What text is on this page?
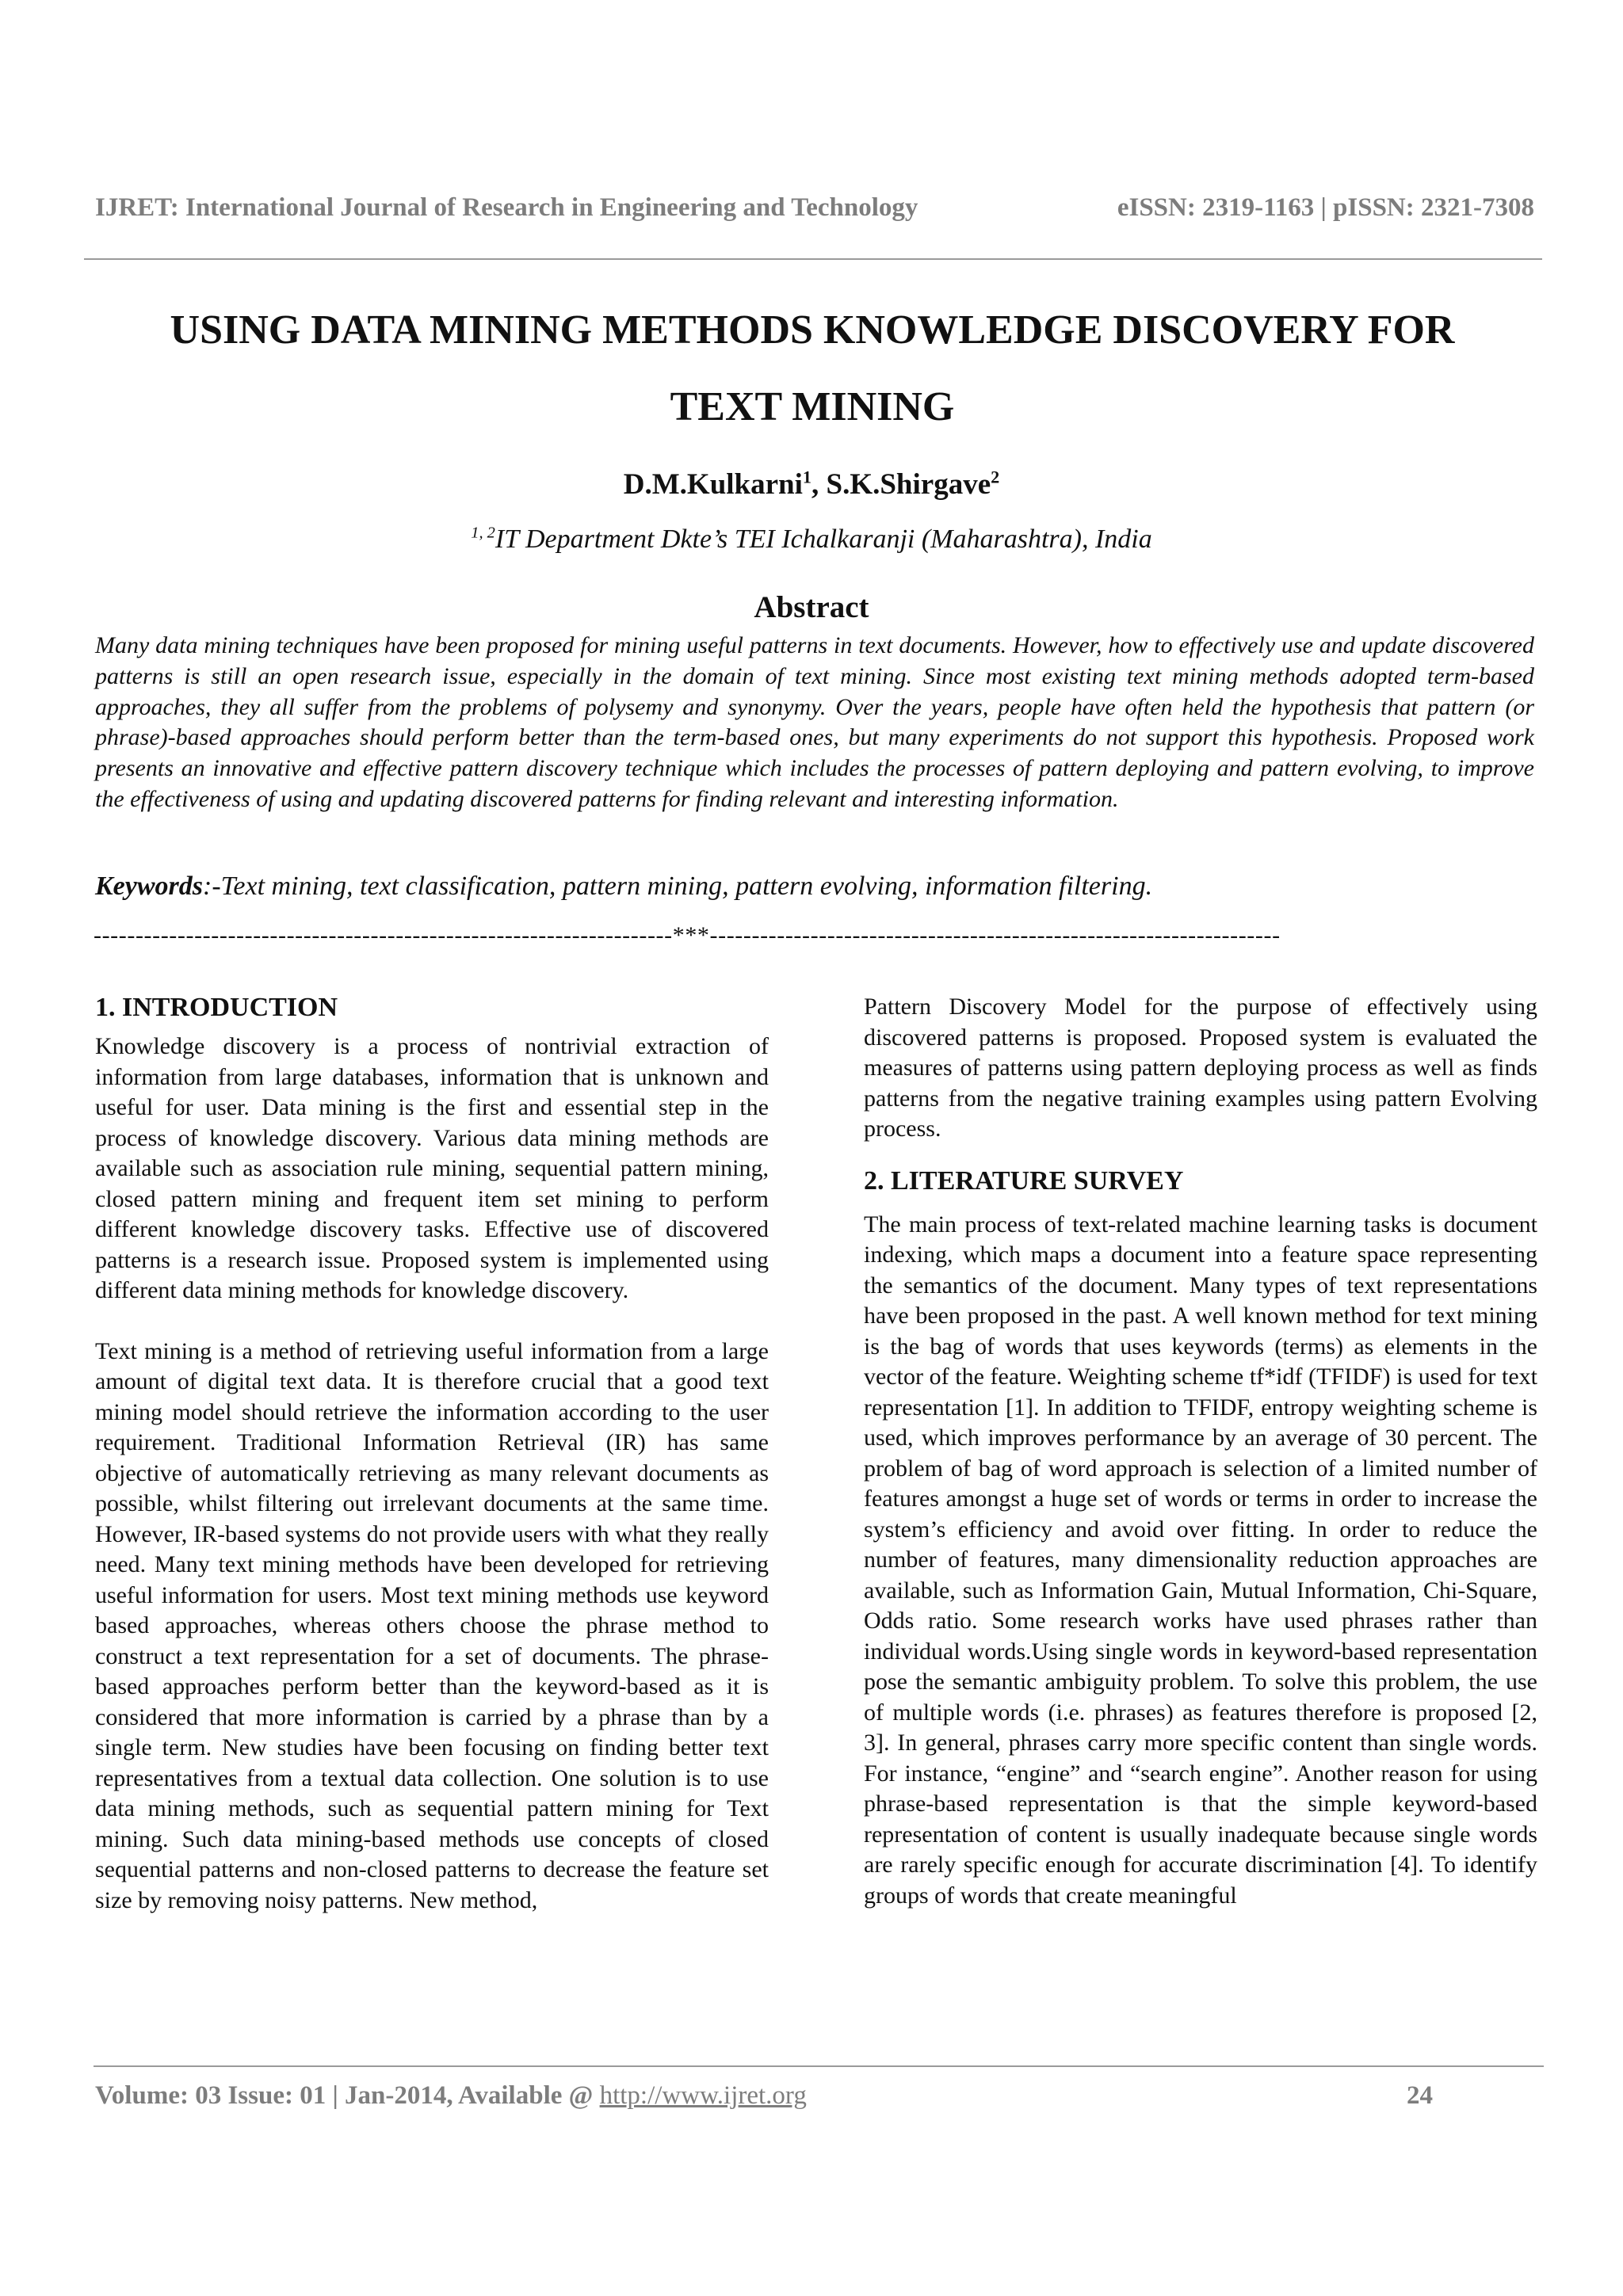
IJRET: International Journal of Research in Engineering and Technology	eISSN: 2319-1163 | pISSN: 2321-7308
USING DATA MINING METHODS KNOWLEDGE DISCOVERY FOR
TEXT MINING
D.M.Kulkarni$^1$, S.K.Shirgave$^2$
$^{1, 2}$IT Department Dkte’s TEI Ichalkaranji (Maharashtra), India
Abstract
Many data mining techniques have been proposed for mining useful patterns in text documents. However, how to effectively use and update discovered patterns is still an open research issue, especially in the domain of text mining. Since most existing text mining methods adopted term-based approaches, they all suffer from the problems of polysemy and synonymy. Over the years, people have often held the hypothesis that pattern (or phrase)-based approaches should perform better than the term-based ones, but many experiments do not support this hypothesis. Proposed work presents an innovative and effective pattern discovery technique which includes the processes of pattern deploying and pattern evolving, to improve the effectiveness of using and updating discovered patterns for finding relevant and interesting information.
Keywords:-Text mining, text classification, pattern mining, pattern evolving, information filtering.
---------------------------------------------------------------------***--------------------------------------------------------------------

1. INTRODUCTION

Knowledge discovery is a process of nontrivial extraction of information from large databases, information that is unknown and useful for user. Data mining is the first and essential step in the process of knowledge discovery. Various data mining methods are available such as association rule mining, sequential pattern mining, closed pattern mining and frequent item set mining to perform different knowledge discovery tasks. Effective use of discovered patterns is a research issue. Proposed system is implemented using different data mining methods for knowledge discovery.

Text mining is a method of retrieving useful information from a large amount of digital text data. It is therefore crucial that a good text mining model should retrieve the information according to the user requirement. Traditional Information Retrieval (IR) has same objective of automatically retrieving as many relevant documents as possible, whilst filtering out irrelevant documents at the same time. However, IR-based systems do not provide users with what they really need. Many text mining methods have been developed for retrieving useful information for users. Most text mining methods use keyword based approaches, whereas others choose the phrase method to construct a text representation for a set of documents. The phrase-based approaches perform better than the keyword-based as it is considered that more information is carried by a phrase than by a single term. New studies have been focusing on finding better text representatives from a textual data collection. One solution is to use data mining methods, such as sequential pattern mining for Text mining. Such data mining-based methods use concepts of closed sequential patterns and non-closed patterns to decrease the feature set size by removing noisy patterns. New method,

Pattern Discovery Model for the purpose of effectively using discovered patterns is proposed. Proposed system is evaluated the measures of patterns using pattern deploying process as well as finds patterns from the negative training examples using pattern Evolving process.

2. LITERATURE SURVEY

The main process of text-related machine learning tasks is document indexing, which maps a document into a feature space representing the semantics of the document. Many types of text representations have been proposed in the past. A well known method for text mining is the bag of words that uses keywords (terms) as elements in the vector of the feature. Weighting scheme tf*idf (TFIDF) is used for text representation [1]. In addition to TFIDF, entropy weighting scheme is used, which improves performance by an average of 30 percent. The problem of bag of word approach is selection of a limited number of features amongst a huge set of words or terms in order to increase the system’s efficiency and avoid over fitting. In order to reduce the number of features, many dimensionality reduction approaches are available, such as Information Gain, Mutual Information, Chi-Square, Odds ratio. Some research works have used phrases rather than individual words.Using single words in keyword-based representation pose the semantic ambiguity problem. To solve this problem, the use of multiple words (i.e. phrases) as features therefore is proposed [2, 3]. In general, phrases carry more specific content than single words. For instance, “engine” and “search engine”. Another reason for using phrase-based representation is that the simple keyword-based representation of content is usually inadequate because single words are rarely specific enough for accurate discrimination [4]. To identify groups of words that create meaningful

Volume: 03 Issue: 01 | Jan-2014, Available @ http://www.ijret.org	24
